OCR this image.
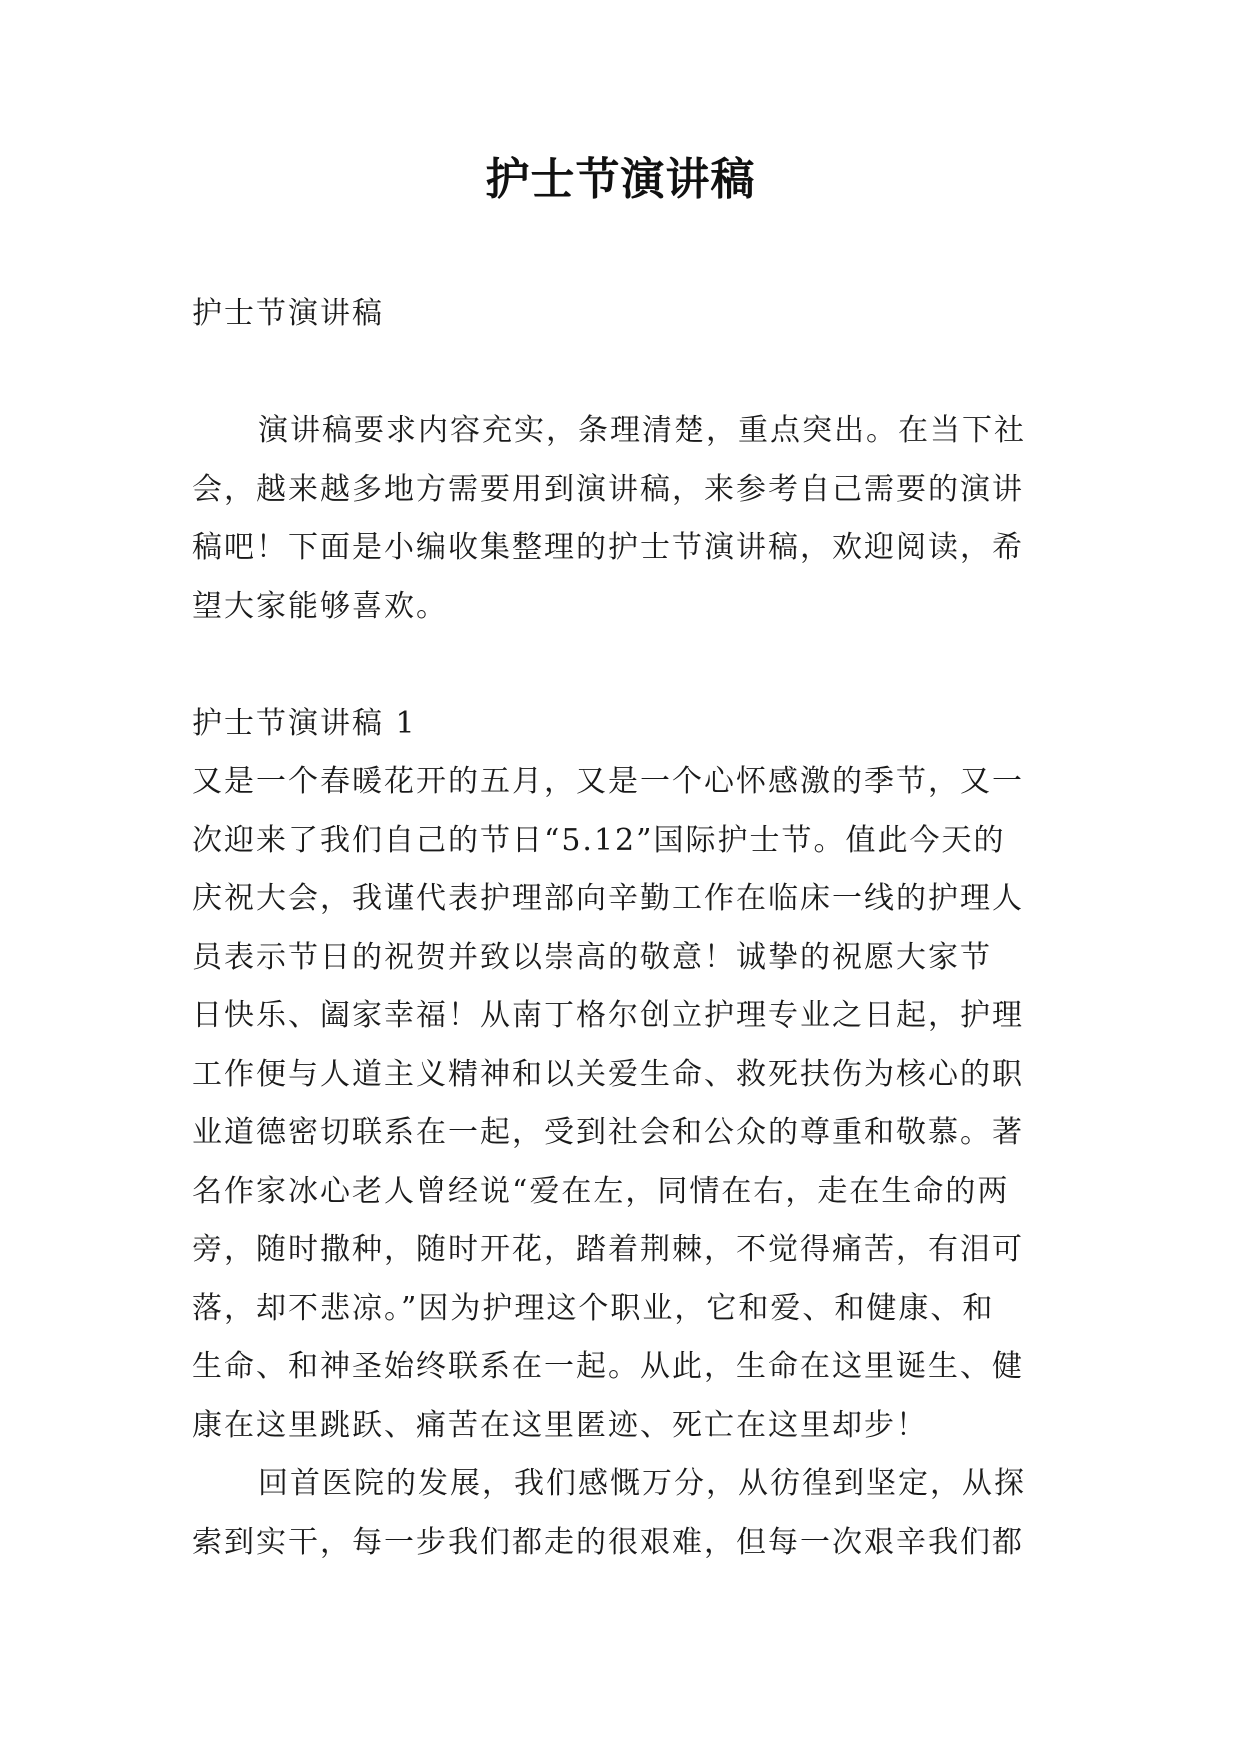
护士节演讲稿
护士节演讲稿
演讲稿要求内容充实，条理清楚，重点突出。在当下社
会，越来越多地方需要用到演讲稿，来参考自己需要的演讲
稿吧！下面是小编收集整理的护士节演讲稿，欢迎阅读，希
望大家能够喜欢。
护士节演讲稿 1
又是一个春暖花开的五月，又是一个心怀感激的季节，又一
次迎来了我们自己的节日“5.12”国际护士节。值此今天的
庆祝大会，我谨代表护理部向辛勤工作在临床一线的护理人
员表示节日的祝贺并致以崇高的敬意！诚挚的祝愿大家节
日快乐、阖家幸福！从南丁格尔创立护理专业之日起，护理
工作便与人道主义精神和以关爱生命、救死扶伤为核心的职
业道德密切联系在一起，受到社会和公众的尊重和敬慕。著
名作家冰心老人曾经说“爱在左，同情在右，走在生命的两
旁，随时撒种，随时开花，踏着荆棘，不觉得痛苦，有泪可
落，却不悲凉。”因为护理这个职业，它和爱、和健康、和
生命、和神圣始终联系在一起。从此，生命在这里诞生、健
康在这里跳跃、痛苦在这里匿迹、死亡在这里却步！
回首医院的发展，我们感慨万分，从彷徨到坚定，从探
索到实干，每一步我们都走的很艰难，但每一次艰辛我们都
